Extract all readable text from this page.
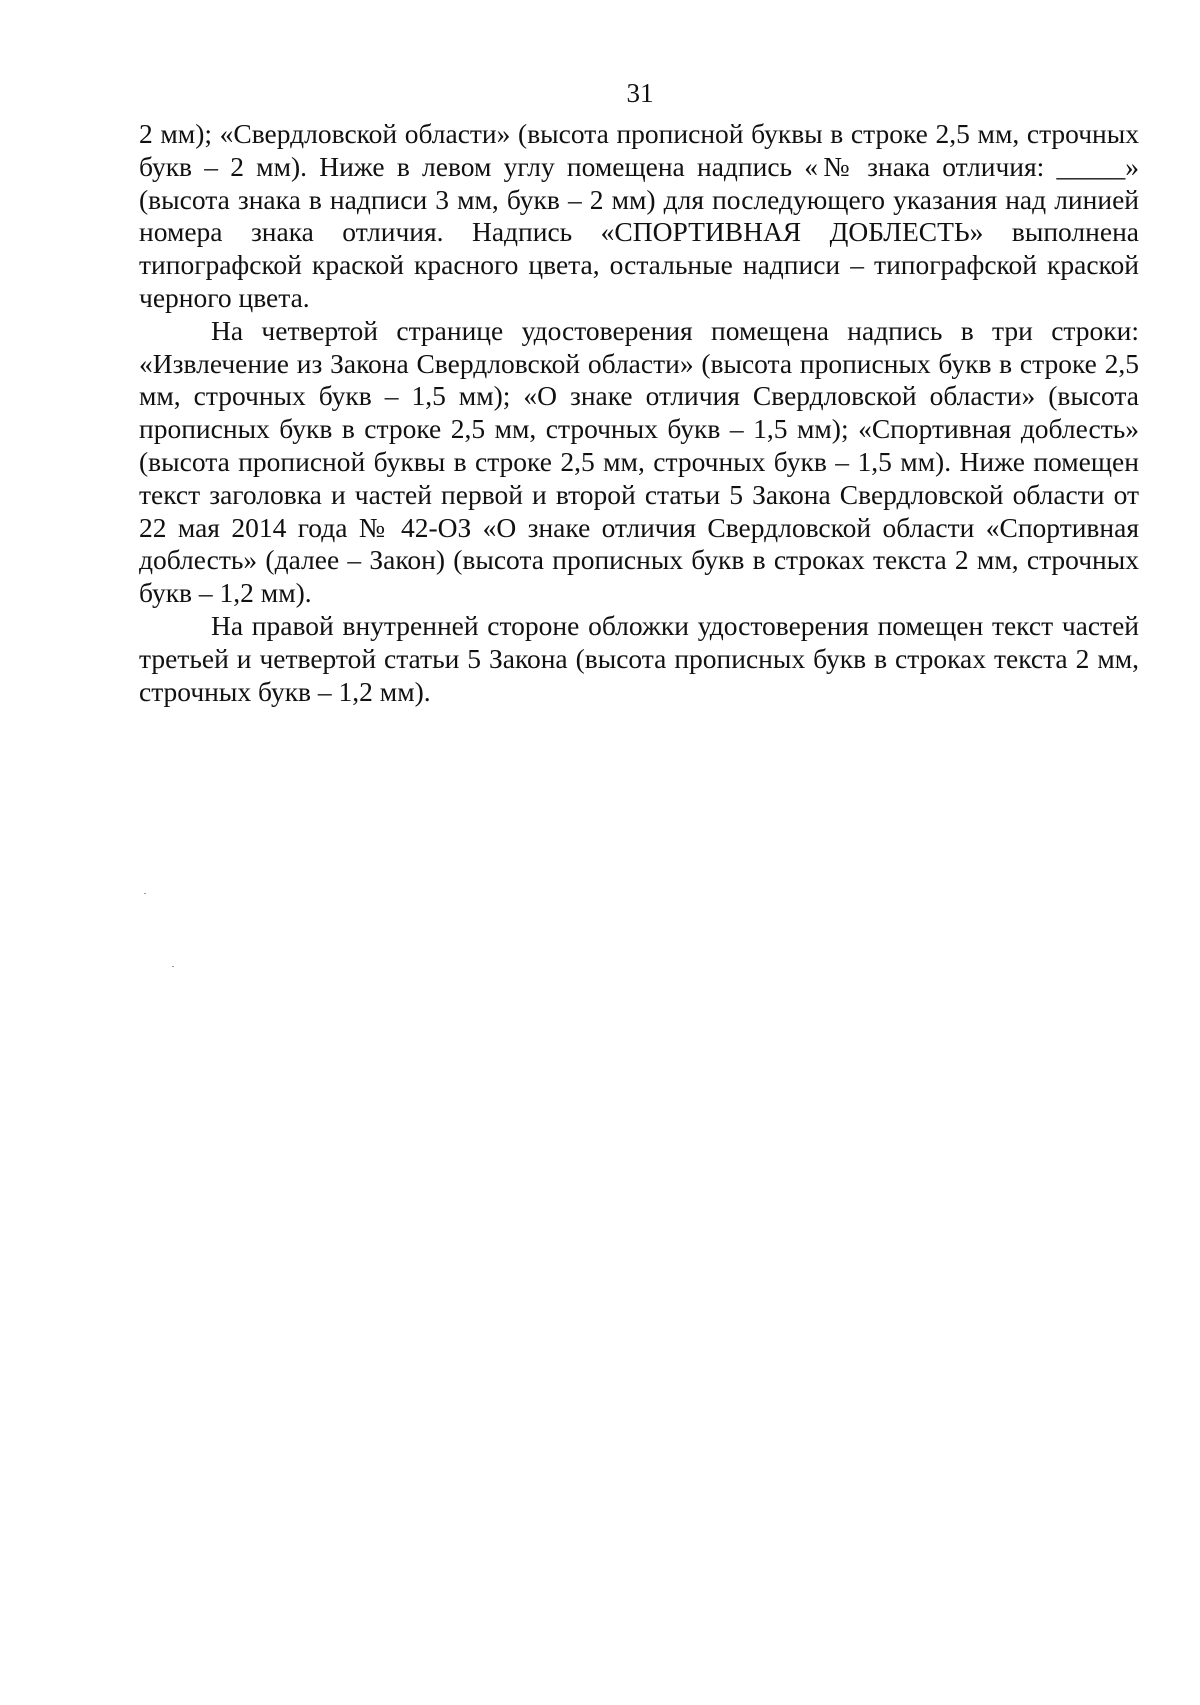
31

2 мм); «Свердловской области» (высота прописной буквы в строке 2,5 мм, строчных букв – 2 мм). Ниже в левом углу помещена надпись «№ знака отличия: _____» (высота знака в надписи 3 мм, букв – 2 мм) для последующего указания над линией номера знака отличия. Надпись «СПОРТИВНАЯ ДОБЛЕСТЬ» выполнена типографской краской красного цвета, остальные надписи – типографской краской черного цвета.

На четвертой странице удостоверения помещена надпись в три строки: «Извлечение из Закона Свердловской области» (высота прописных букв в строке 2,5 мм, строчных букв – 1,5 мм); «О знаке отличия Свердловской области» (высота прописных букв в строке 2,5 мм, строчных букв – 1,5 мм); «Спортивная доблесть» (высота прописной буквы в строке 2,5 мм, строчных букв – 1,5 мм). Ниже помещен текст заголовка и частей первой и второй статьи 5 Закона Свердловской области от 22 мая 2014 года № 42-ОЗ «О знаке отличия Свердловской области «Спортивная доблесть» (далее – Закон) (высота прописных букв в строках текста 2 мм, строчных букв – 1,2 мм).

На правой внутренней стороне обложки удостоверения помещен текст частей третьей и четвертой статьи 5 Закона (высота прописных букв в строках текста 2 мм, строчных букв – 1,2 мм).
